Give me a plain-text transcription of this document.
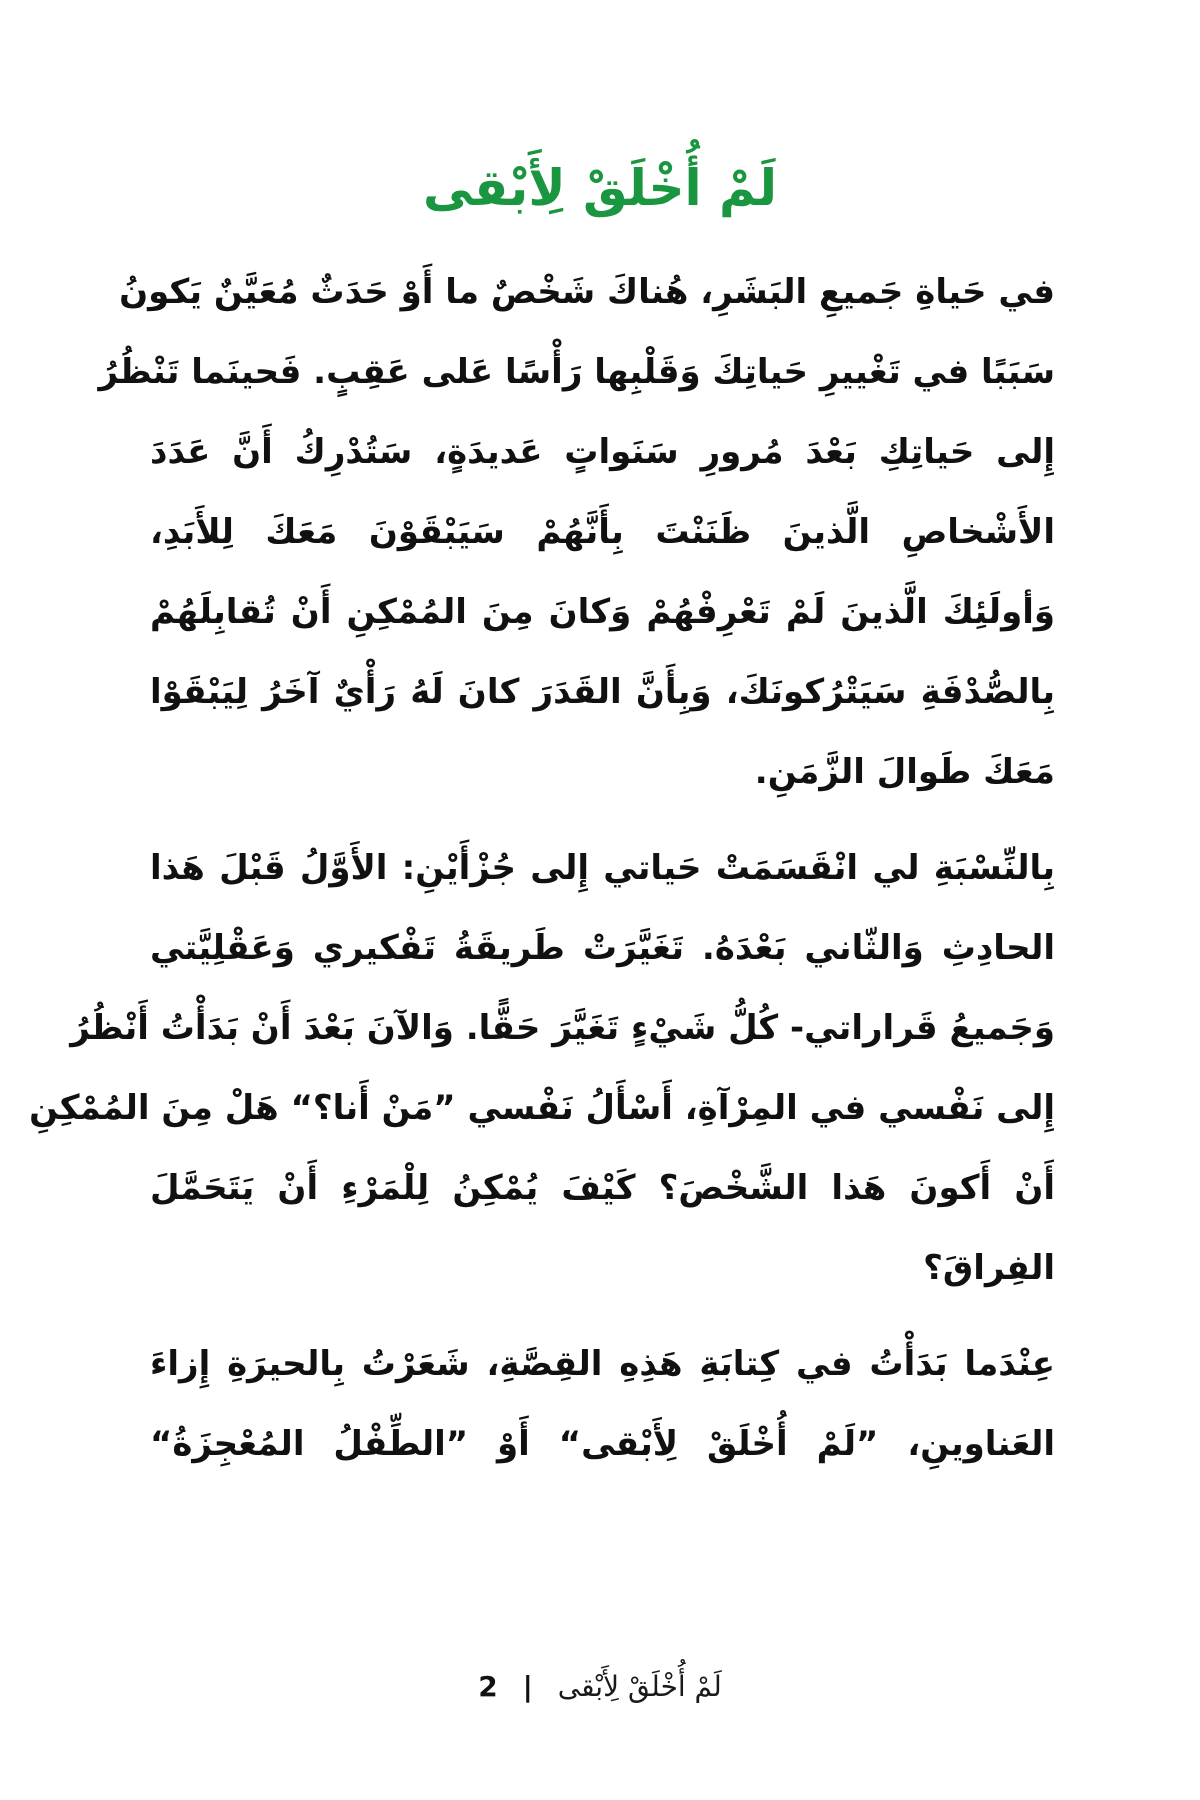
لَمْ أُخْلَقْ لِأَبْقى

في حَياةِ جَميعِ البَشَرِ، هُناكَ شَخْصٌ ما أَوْ حَدَثٌ مُعَيَّنٌ يَكونُ
سَبَبًا في تَغْييرِ حَياتِكَ وَقَلْبِها رَأْسًا عَلى عَقِبٍ. فَحينَما تَنْظُرُ
إِلى حَياتِكِ بَعْدَ مُرورِ سَنَواتٍ عَديدَةٍ، سَتُدْرِكُ أَنَّ عَدَدَ
الأَشْخاصِ الَّذينَ ظَنَنْتَ بِأَنَّهُمْ سَيَبْقَوْنَ مَعَكَ لِلأَبَدِ،
وَأولَئِكَ الَّذينَ لَمْ تَعْرِفْهُمْ وَكانَ مِنَ المُمْكِنِ أَنْ تُقابِلَهُمْ
بِالصُّدْفَةِ سَيَتْرُكونَكَ، وَبِأَنَّ القَدَرَ كانَ لَهُ رَأْيٌ آخَرُ لِيَبْقَوْا
مَعَكَ طَوالَ الزَّمَنِ.

بِالنِّسْبَةِ لي انْقَسَمَتْ حَياتي إِلى جُزْأَيْنِ: الأَوَّلُ قَبْلَ هَذا
الحادِثِ وَالثّاني بَعْدَهُ. تَغَيَّرَتْ طَريقَةُ تَفْكيري وَعَقْلِيَّتي
وَجَميعُ قَراراتي- كُلُّ شَيْءٍ تَغَيَّرَ حَقًّا. وَالآنَ بَعْدَ أَنْ بَدَأْتُ أَنْظُرُ
إِلى نَفْسي في المِرْآةِ، أَسْأَلُ نَفْسي ”مَنْ أَنا؟“ هَلْ مِنَ المُمْكِنِ
أَنْ أَكونَ هَذا الشَّخْصَ؟ كَيْفَ يُمْكِنُ لِلْمَرْءِ أَنْ يَتَحَمَّلَ
الفِراقَ؟

عِنْدَما بَدَأْتُ في كِتابَةِ هَذِهِ القِصَّةِ، شَعَرْتُ بِالحيرَةِ إِزاءَ
العَناوينِ، ”لَمْ أُخْلَقْ لِأَبْقى“ أَوْ ”الطِّفْلُ المُعْجِزَةُ“

لَمْ أُخْلَقْ لِأَبْقى | 2
